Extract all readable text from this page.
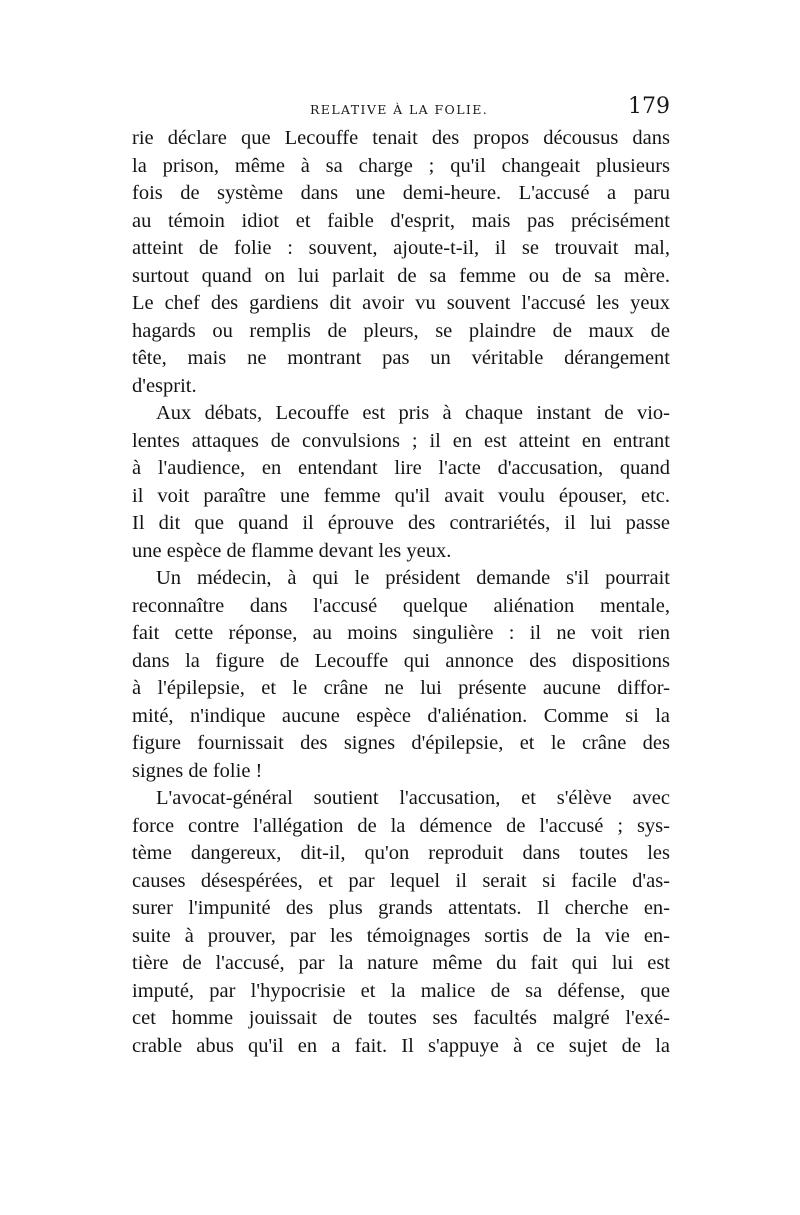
RELATIVE À LA FOLIE.	179
rie déclare que Lecouffe tenait des propos décousus dans
la prison, même à sa charge ; qu'il changeait plusieurs
fois de système dans une demi-heure. L'accusé a paru
au témoin idiot et faible d'esprit, mais pas précisément
atteint de folie : souvent, ajoute-t-il, il se trouvait mal,
surtout quand on lui parlait de sa femme ou de sa mère.
Le chef des gardiens dit avoir vu souvent l'accusé les yeux
hagards ou remplis de pleurs, se plaindre de maux de
tête, mais ne montrant pas un véritable dérangement
d'esprit.
Aux débats, Lecouffe est pris à chaque instant de vio-
lentes attaques de convulsions ; il en est atteint en entrant
à l'audience, en entendant lire l'acte d'accusation, quand
il voit paraître une femme qu'il avait voulu épouser, etc.
Il dit que quand il éprouve des contrariétés, il lui passe
une espèce de flamme devant les yeux.
Un médecin, à qui le président demande s'il pourrait
reconnaître dans l'accusé quelque aliénation mentale,
fait cette réponse, au moins singulière : il ne voit rien
dans la figure de Lecouffe qui annonce des dispositions
à l'épilepsie, et le crâne ne lui présente aucune diffor-
mité, n'indique aucune espèce d'aliénation. Comme si la
figure fournissait des signes d'épilepsie, et le crâne des
signes de folie !
L'avocat-général soutient l'accusation, et s'élève avec
force contre l'allégation de la démence de l'accusé ; sys-
tème dangereux, dit-il, qu'on reproduit dans toutes les
causes désespérées, et par lequel il serait si facile d'as-
surer l'impunité des plus grands attentats. Il cherche en-
suite à prouver, par les témoignages sortis de la vie en-
tière de l'accusé, par la nature même du fait qui lui est
imputé, par l'hypocrisie et la malice de sa défense, que
cet homme jouissait de toutes ses facultés malgré l'exé-
crable abus qu'il en a fait. Il s'appuye à ce sujet de la
